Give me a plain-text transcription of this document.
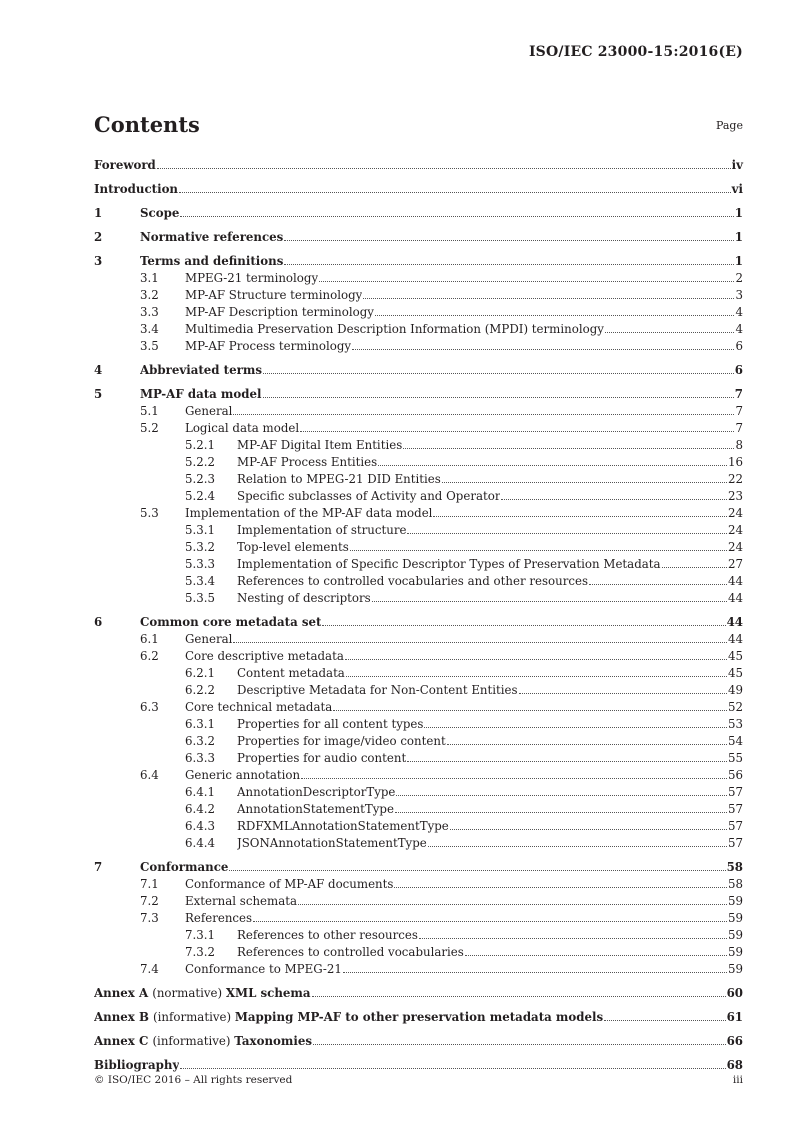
ISO/IEC 23000-15:2016(E)
Contents	Page
Foreword	iv
Introduction	vi
1	Scope	1
2	Normative references	1
3	Terms and definitions	1
3.1	MPEG-21 terminology	2
3.2	MP-AF Structure terminology	3
3.3	MP-AF Description terminology	4
3.4	Multimedia Preservation Description Information (MPDI) terminology	4
3.5	MP-AF Process terminology	6
4	Abbreviated terms	6
5	MP-AF data model	7
5.1	General	7
5.2	Logical data model	7
5.2.1	MP-AF Digital Item Entities	8
5.2.2	MP-AF Process Entities	16
5.2.3	Relation to MPEG-21 DID Entities	22
5.2.4	Specific subclasses of Activity and Operator	23
5.3	Implementation of the MP-AF data model	24
5.3.1	Implementation of structure	24
5.3.2	Top-level elements	24
5.3.3	Implementation of Specific Descriptor Types of Preservation Metadata	27
5.3.4	References to controlled vocabularies and other resources	44
5.3.5	Nesting of descriptors	44
6	Common core metadata set	44
6.1	General	44
6.2	Core descriptive metadata	45
6.2.1	Content metadata	45
6.2.2	Descriptive Metadata for Non-Content Entities	49
6.3	Core technical metadata	52
6.3.1	Properties for all content types	53
6.3.2	Properties for image/video content	54
6.3.3	Properties for audio content	55
6.4	Generic annotation	56
6.4.1	AnnotationDescriptorType	57
6.4.2	AnnotationStatementType	57
6.4.3	RDFXMLAnnotationStatementType	57
6.4.4	JSONAnnotationStatementType	57
7	Conformance	58
7.1	Conformance of MP-AF documents	58
7.2	External schemata	59
7.3	References	59
7.3.1	References to other resources	59
7.3.2	References to controlled vocabularies	59
7.4	Conformance to MPEG-21	59
Annex A (normative) XML schema	60
Annex B (informative) Mapping MP-AF to other preservation metadata models	61
Annex C (informative) Taxonomies	66
Bibliography	68
© ISO/IEC 2016 – All rights reserved	iii
